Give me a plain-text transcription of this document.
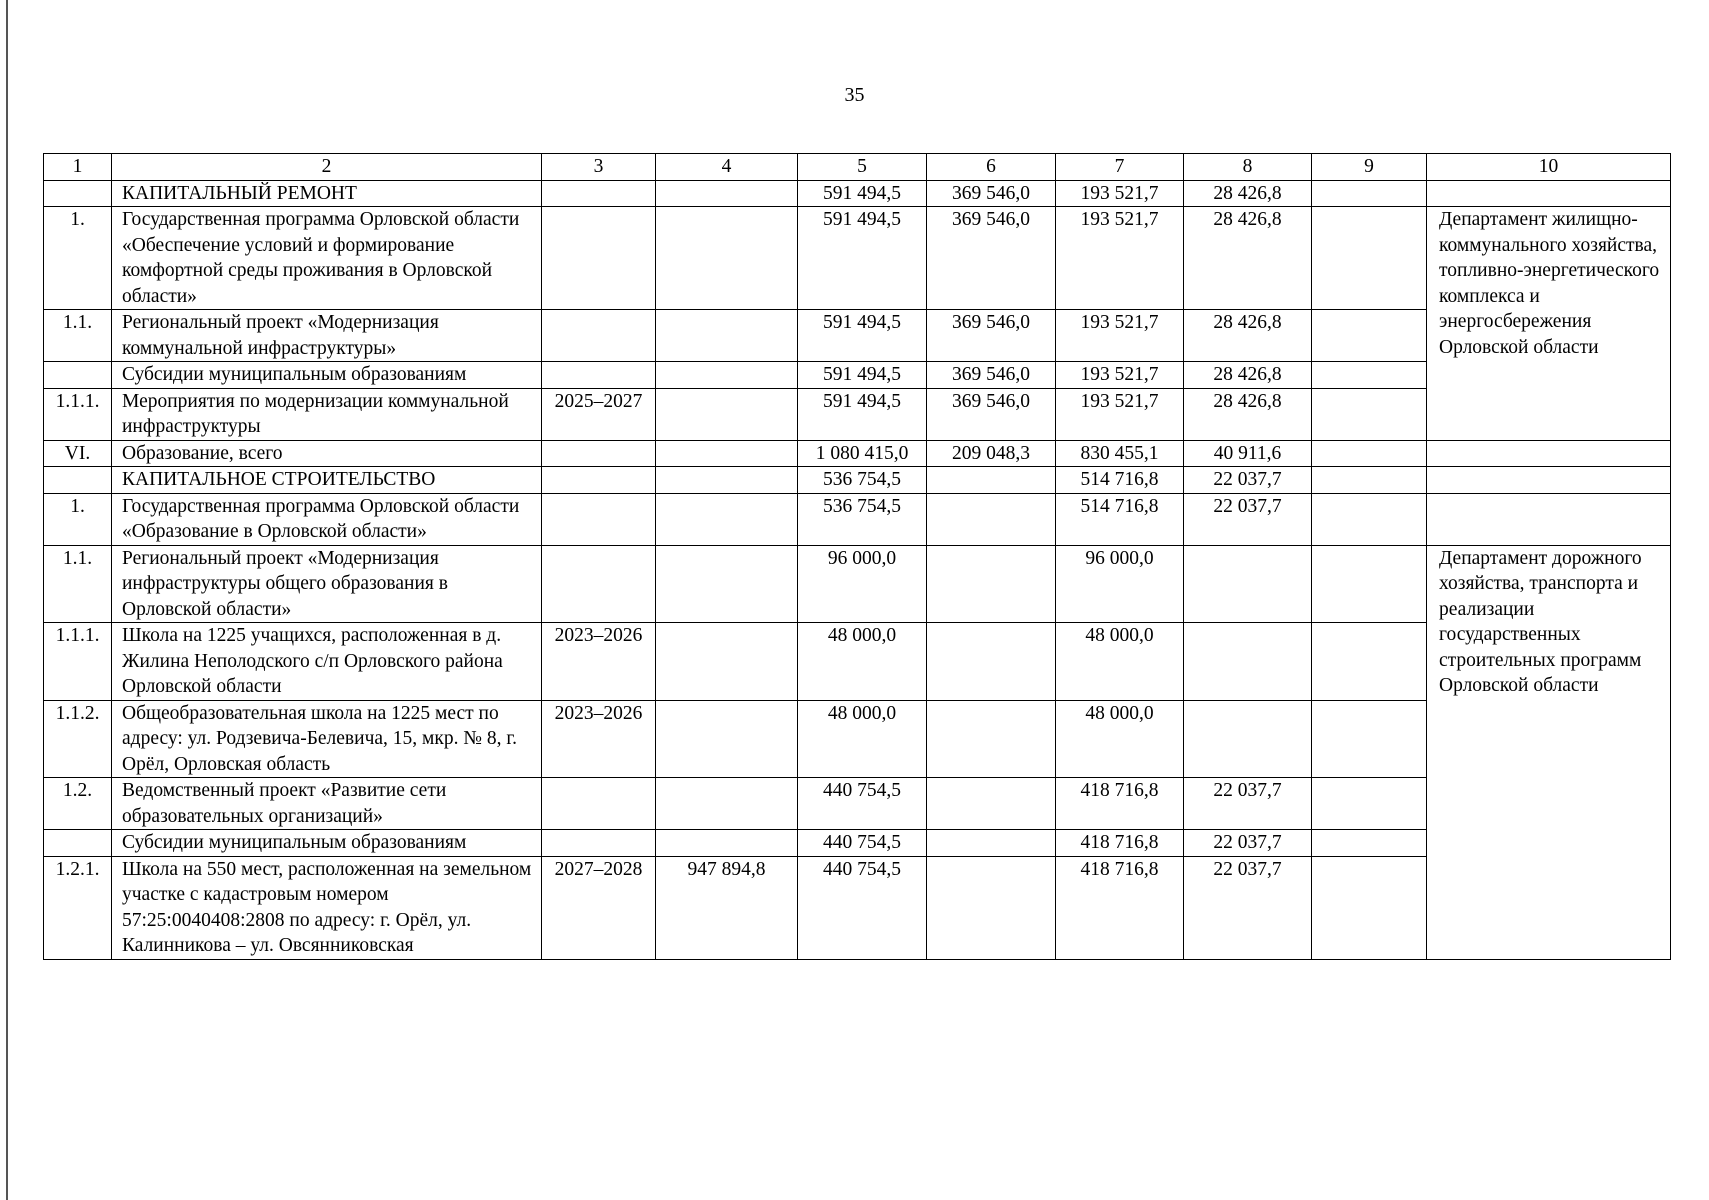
35
1	2	3	4	5	6	7	8	9	10
	КАПИТАЛЬНЫЙ РЕМОНТ			591 494,5	369 546,0	193 521,7	28 426,8		
1.	Государственная программа Орловской области «Обеспечение условий и формирование комфортной среды проживания в Орловской области»			591 494,5	369 546,0	193 521,7	28 426,8		Департамент жилищно-коммунального хозяйства, топливно-энергетического комплекса и энергосбережения Орловской области
1.1.	Региональный проект «Модернизация коммунальной инфраструктуры»			591 494,5	369 546,0	193 521,7	28 426,8		
	Субсидии муниципальным образованиям			591 494,5	369 546,0	193 521,7	28 426,8		
1.1.1.	Мероприятия по модернизации коммунальной инфраструктуры	2025–2027		591 494,5	369 546,0	193 521,7	28 426,8		
VI.	Образование, всего			1 080 415,0	209 048,3	830 455,1	40 911,6		
	КАПИТАЛЬНОЕ СТРОИТЕЛЬСТВО			536 754,5		514 716,8	22 037,7		
1.	Государственная программа Орловской области «Образование в Орловской области»			536 754,5		514 716,8	22 037,7		
1.1.	Региональный проект «Модернизация инфраструктуры общего образования в Орловской области»			96 000,0		96 000,0			Департамент дорожного хозяйства, транспорта и реализации государственных строительных программ Орловской области
1.1.1.	Школа на 1225 учащихся, расположенная в д. Жилина Неполодского с/п Орловского района Орловской области	2023–2026		48 000,0		48 000,0			
1.1.2.	Общеобразовательная школа на 1225 мест по адресу: ул. Родзевича-Белевича, 15, мкр. № 8, г. Орёл, Орловская область	2023–2026		48 000,0		48 000,0			
1.2.	Ведомственный проект «Развитие сети образовательных организаций»			440 754,5		418 716,8	22 037,7		
	Субсидии муниципальным образованиям			440 754,5		418 716,8	22 037,7		
1.2.1.	Школа на 550 мест, расположенная на земельном участке с кадастровым номером 57:25:0040408:2808 по адресу: г. Орёл, ул. Калинникова – ул. Овсянниковская	2027–2028	947 894,8	440 754,5		418 716,8	22 037,7		
